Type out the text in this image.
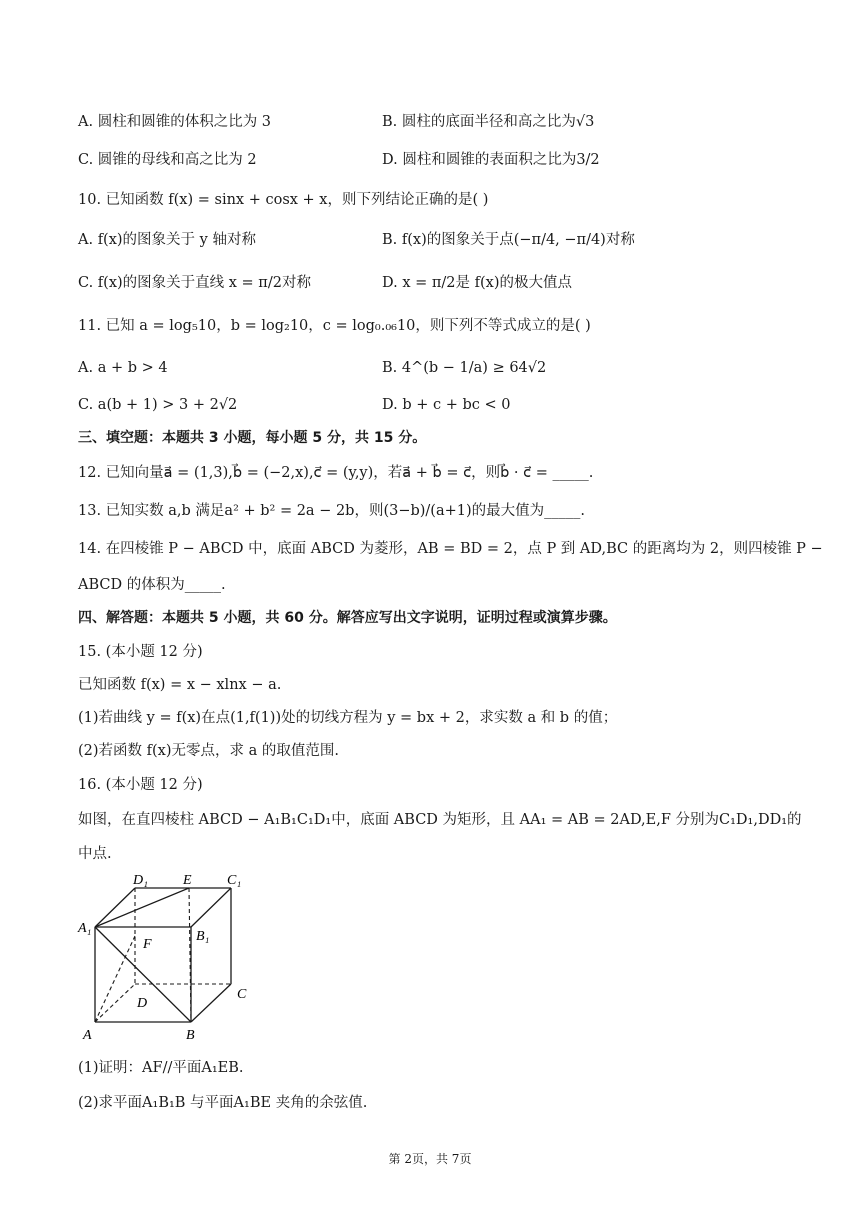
A. 圆柱和圆锥的体积之比为 3	B. 圆柱的底面半径和高之比为√3
C. 圆锥的母线和高之比为 2	D. 圆柱和圆锥的表面积之比为3/2
10. 已知函数 f(x) = sinx + cosx + x，则下列结论正确的是( )
A. f(x)的图象关于 y 轴对称	B. f(x)的图象关于点(−π/4, −π/4)对称
C. f(x)的图象关于直线 x = π/2对称	D. x = π/2是 f(x)的极大值点
11. 已知 a = log₅10，b = log₂10，c = log₀.₀₆10，则下列不等式成立的是( )
A. a + b > 4	B. 4^(b − 1/a) ≥ 64√2
C. a(b + 1) > 3 + 2√2	D. b + c + bc < 0
三、填空题：本题共 3 小题，每小题 5 分，共 15 分。
12. 已知向量a⃗ = (1,3),b⃗ = (−2,x),c⃗ = (y,y)，若a⃗ + b⃗ = c⃗，则b⃗ · c⃗ = _____.
13. 已知实数 a,b 满足a² + b² = 2a − 2b，则(3−b)/(a+1)的最大值为_____.
14. 在四棱锥 P − ABCD 中，底面 ABCD 为菱形，AB = BD = 2，点 P 到 AD,BC 的距离均为 2，则四棱锥 P −
ABCD 的体积为_____.
四、解答题：本题共 5 小题，共 60 分。解答应写出文字说明，证明过程或演算步骤。
15. (本小题 12 分)
已知函数 f(x) = x − xlnx − a.
(1)若曲线 y = f(x)在点(1,f(1))处的切线方程为 y = bx + 2，求实数 a 和 b 的值；
(2)若函数 f(x)无零点，求 a 的取值范围.
16. (本小题 12 分)
如图，在直四棱柱 ABCD − A₁B₁C₁D₁中，底面 ABCD 为矩形，且 AA₁ = AB = 2AD,E,F 分别为C₁D₁,DD₁的
中点.
D₁	E	C₁
A₁
B₁
F
D
C
A	B
(1)证明：AF//平面A₁EB.
(2)求平面A₁B₁B 与平面A₁BE 夹角的余弦值.
第 2页，共 7页
